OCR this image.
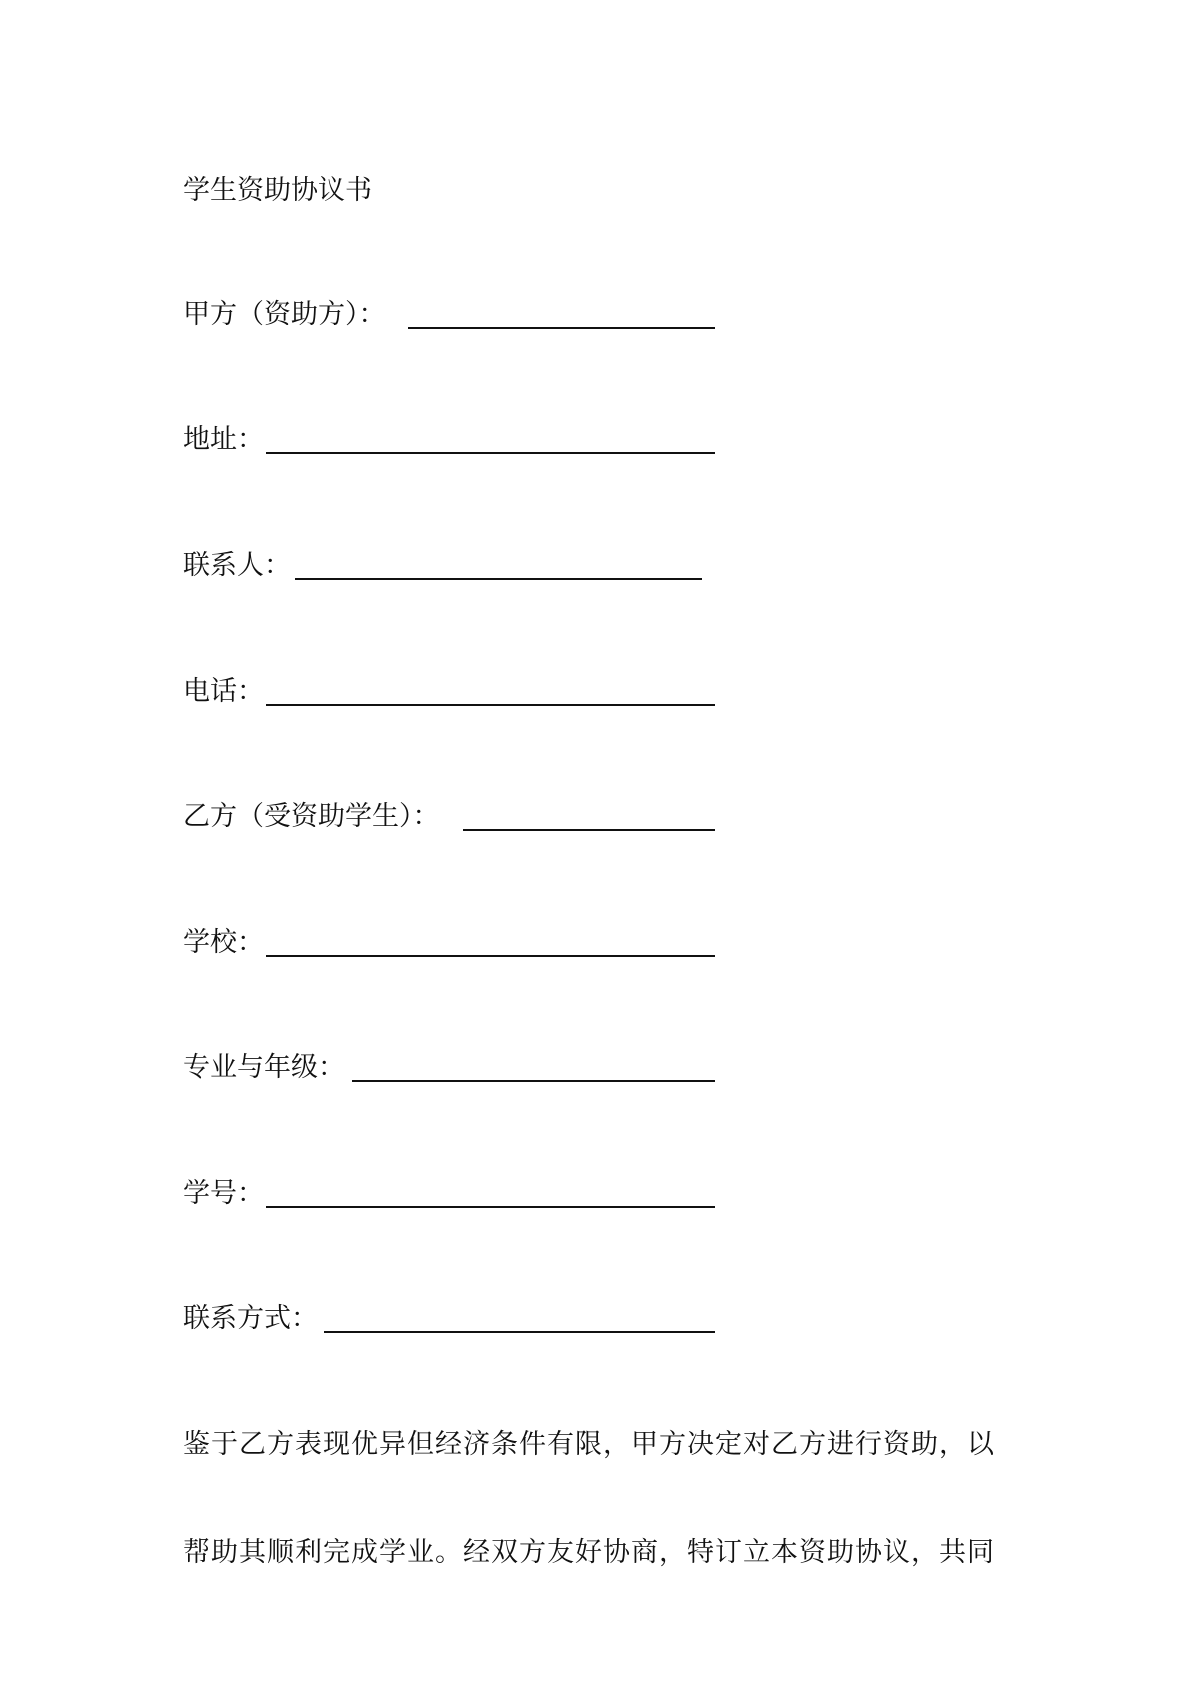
学生资助协议书
甲方（资助方）：
地址：
联系人：
电话：
乙方（受资助学生）：
学校：
专业与年级：
学号：
联系方式：
鉴于乙方表现优异但经济条件有限，甲方决定对乙方进行资助，以
帮助其顺利完成学业。经双方友好协商，特订立本资助协议，共同
